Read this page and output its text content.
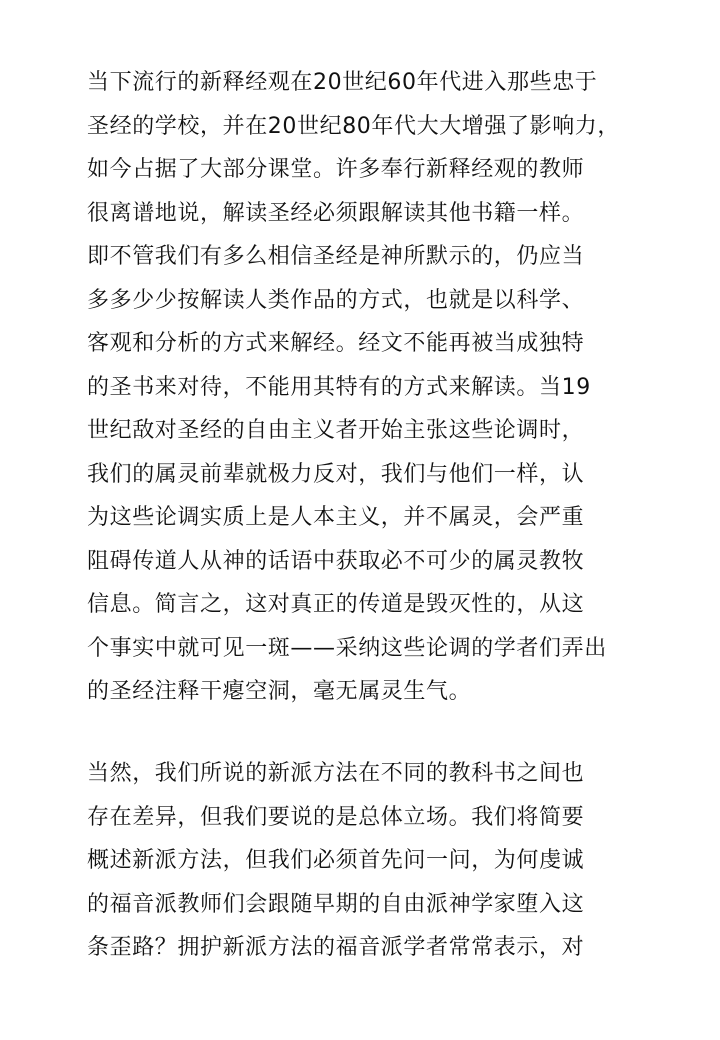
当下流行的新释经观在20世纪60年代进入那些忠于
圣经的学校，并在20世纪80年代大大增强了影响力，
如今占据了大部分课堂。许多奉行新释经观的教师
很离谱地说，解读圣经必须跟解读其他书籍一样。
即不管我们有多么相信圣经是神所默示的，仍应当
多多少少按解读人类作品的方式，也就是以科学、
客观和分析的方式来解经。经文不能再被当成独特
的圣书来对待，不能用其特有的方式来解读。当19
世纪敌对圣经的自由主义者开始主张这些论调时，
我们的属灵前辈就极力反对，我们与他们一样，认
为这些论调实质上是人本主义，并不属灵，会严重
阻碍传道人从神的话语中获取必不可少的属灵教牧
信息。简言之，这对真正的传道是毁灭性的，从这
个事实中就可见一斑——采纳这些论调的学者们弄出
的圣经注释干瘪空洞，毫无属灵生气。
当然，我们所说的新派方法在不同的教科书之间也
存在差异，但我们要说的是总体立场。我们将简要
概述新派方法，但我们必须首先问一问，为何虔诚
的福音派教师们会跟随早期的自由派神学家堕入这
条歪路？拥护新派方法的福音派学者常常表示，对
